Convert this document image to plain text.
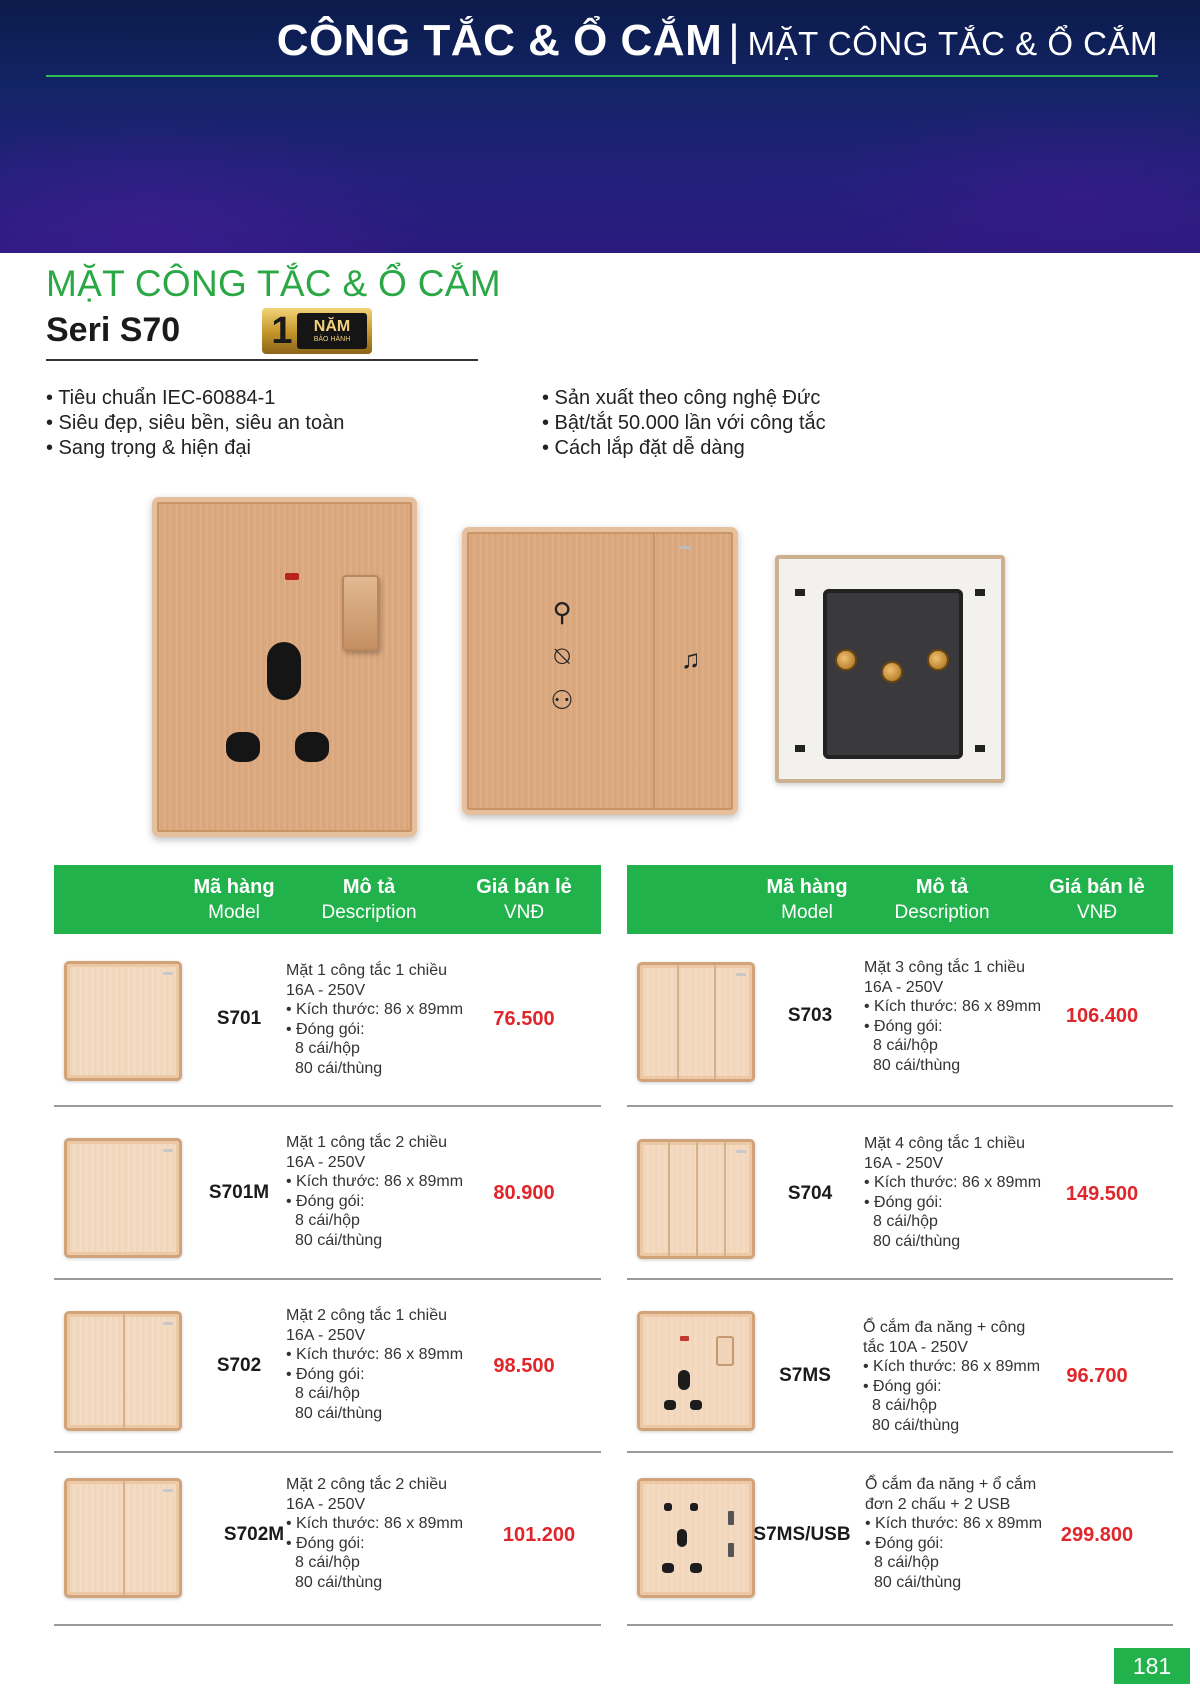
CÔNG TẮC & Ổ CẮM | MẶT CÔNG TẮC & Ổ CẮM
MẶT CÔNG TẮC & Ổ CẮM
Seri S70 1 NĂM
BẢO HÀNH
• Tiêu chuẩn IEC-60884-1
• Siêu đẹp, siêu bền, siêu an toàn
• Sang trọng & hiện đại
• Sản xuất theo công nghệ Đức
• Bật/tắt 50.000 lần với công tắc
• Cách lắp đặt dễ dàng
⚲
⍉
⚇
♫
Mã hàng
Model
Mô tả
Description
Giá bán lẻ
VNĐ
Mã hàng
Model
Mô tả
Description
Giá bán lẻ
VNĐ
S701
Mặt 1 công tắc 1 chiều
16A - 250V
• Kích thước: 86 x 89mm
• Đóng gói:
8 cái/hộp
80 cái/thùng
76.500
S701M
Mặt 1 công tắc 2 chiều
16A - 250V
• Kích thước: 86 x 89mm
• Đóng gói:
8 cái/hộp
80 cái/thùng
80.900
S702
Mặt 2 công tắc 1 chiều
16A - 250V
• Kích thước: 86 x 89mm
• Đóng gói:
8 cái/hộp
80 cái/thùng
98.500
S702M
Mặt 2 công tắc 2 chiều
16A - 250V
• Kích thước: 86 x 89mm
• Đóng gói:
8 cái/hộp
80 cái/thùng
101.200
S703
Mặt 3 công tắc 1 chiều
16A - 250V
• Kích thước: 86 x 89mm
• Đóng gói:
8 cái/hộp
80 cái/thùng
106.400
S704
Mặt 4 công tắc 1 chiều
16A - 250V
• Kích thước: 86 x 89mm
• Đóng gói:
8 cái/hộp
80 cái/thùng
149.500
S7MS
Ổ cắm đa năng + công
tắc 10A - 250V
• Kích thước: 86 x 89mm
• Đóng gói:
8 cái/hộp
80 cái/thùng
96.700
S7MS/USB
Ổ cắm đa năng + ổ cắm
đơn 2 chấu + 2 USB
• Kích thước: 86 x 89mm
• Đóng gói:
8 cái/hộp
80 cái/thùng
299.800
181
